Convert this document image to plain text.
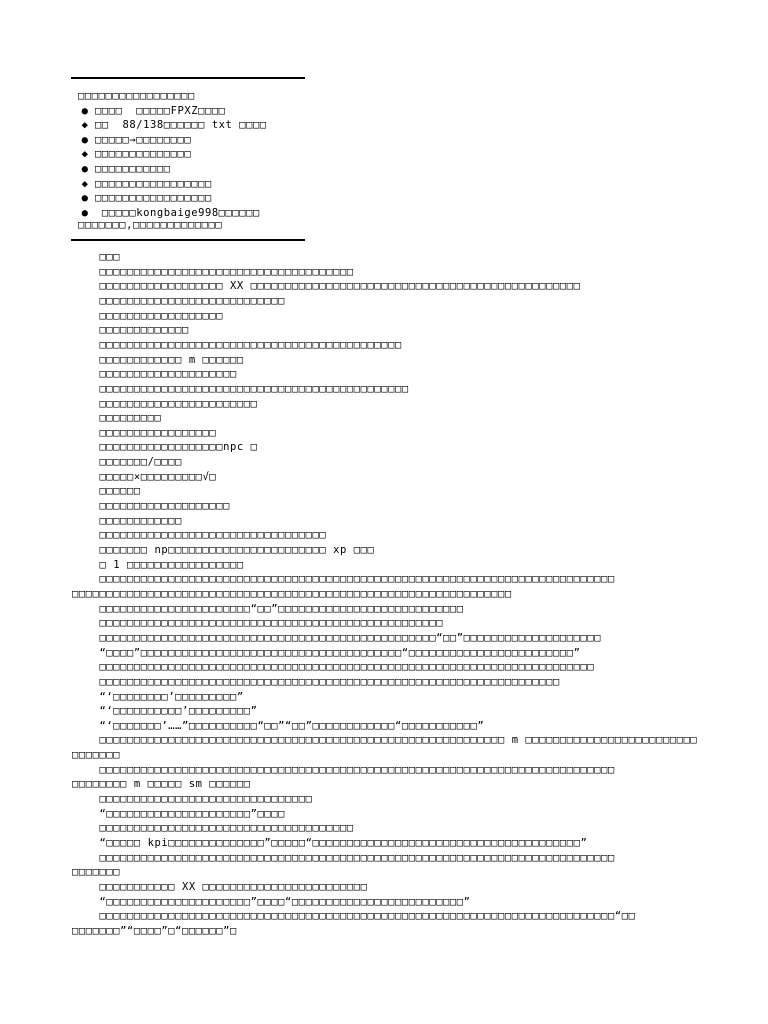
□□□□□□□□□□□□□□□□□
● □□□□  □□□□□FPXZ□□□□
◆ □□  88/138□□□□□□ txt □□□□
● □□□□□→□□□□□□□□
◆ □□□□□□□□□□□□□□
● □□□□□□□□□□□
◆ □□□□□□□□□□□□□□□□□
● □□□□□□□□□□□□□□□□□
● □□□□□kongbaige998□□□□□□
□□□□□□□,□□□□□□□□□□□□□
□□□
□□□□□□□□□□□□□□□□□□□□□□□□□□□□□□□□□□□□□
□□□□□□□□□□□□□□□□□□ XX □□□□□□□□□□□□□□□□□□□□□□□□□□□□□□□□□□□□□□□□□□□□□□□□
□□□□□□□□□□□□□□□□□□□□□□□□□□□
□□□□□□□□□□□□□□□□□□
□□□□□□□□□□□□□
□□□□□□□□□□□□□□□□□□□□□□□□□□□□□□□□□□□□□□□□□□□□
□□□□□□□□□□□□ m □□□□□□
□□□□□□□□□□□□□□□□□□□□
□□□□□□□□□□□□□□□□□□□□□□□□□□□□□□□□□□□□□□□□□□□□□
□□□□□□□□□□□□□□□□□□□□□□□
□□□□□□□□□
□□□□□□□□□□□□□□□□□
□□□□□□□□□□□□□□□□□□npc □
□□□□□□□/□□□□
□□□□□×□□□□□□□□□√□
□□□□□□
□□□□□□□□□□□□□□□□□□□
□□□□□□□□□□□□
□□□□□□□□□□□□□□□□□□□□□□□□□□□□□□□□□
□□□□□□□ np□□□□□□□□□□□□□□□□□□□□□□□ xp □□□
□ 1 □□□□□□□□□□□□□□□□□
□□□□□□□□□□□□□□□□□□□□□□□□□□□□□□□□□□□□□□□□□□□□□□□□□□□□□□□□□□□□□□□□□□□□□□□□□□□
□□□□□□□□□□□□□□□□□□□□□□□□□□□□□□□□□□□□□□□□□□□□□□□□□□□□□□□□□□□□□□□□
□□□□□□□□□□□□□□□□□□□□□□“□□”□□□□□□□□□□□□□□□□□□□□□□□□□□□
□□□□□□□□□□□□□□□□□□□□□□□□□□□□□□□□□□□□□□□□□□□□□□□□□□
□□□□□□□□□□□□□□□□□□□□□□□□□□□□□□□□□□□□□□□□□□□□□□□□□“□□”□□□□□□□□□□□□□□□□□□□□
“□□□□”□□□□□□□□□□□□□□□□□□□□□□□□□□□□□□□□□□□□□□“□□□□□□□□□□□□□□□□□□□□□□□□”
□□□□□□□□□□□□□□□□□□□□□□□□□□□□□□□□□□□□□□□□□□□□□□□□□□□□□□□□□□□□□□□□□□□□□□□□
□□□□□□□□□□□□□□□□□□□□□□□□□□□□□□□□□□□□□□□□□□□□□□□□□□□□□□□□□□□□□□□□□□□
“‘□□□□□□□□’□□□□□□□□□”
“‘□□□□□□□□□□’□□□□□□□□□”
“‘□□□□□□□’……”□□□□□□□□□□“□□”“□□”□□□□□□□□□□□□“□□□□□□□□□□□”
□□□□□□□□□□□□□□□□□□□□□□□□□□□□□□□□□□□□□□□□□□□□□□□□□□□□□□□□□□□ m □□□□□□□□□□□□□□□□□□□□□□□□□
□□□□□□□
□□□□□□□□□□□□□□□□□□□□□□□□□□□□□□□□□□□□□□□□□□□□□□□□□□□□□□□□□□□□□□□□□□□□□□□□□□□
□□□□□□□□ m □□□□□ sm □□□□□□
□□□□□□□□□□□□□□□□□□□□□□□□□□□□□□□
“□□□□□□□□□□□□□□□□□□□□□”□□□□
□□□□□□□□□□□□□□□□□□□□□□□□□□□□□□□□□□□□□
“□□□□□ kpi□□□□□□□□□□□□□□”□□□□□“□□□□□□□□□□□□□□□□□□□□□□□□□□□□□□□□□□□□□□□”
□□□□□□□□□□□□□□□□□□□□□□□□□□□□□□□□□□□□□□□□□□□□□□□□□□□□□□□□□□□□□□□□□□□□□□□□□□□
□□□□□□□
□□□□□□□□□□□ XX □□□□□□□□□□□□□□□□□□□□□□□□
“□□□□□□□□□□□□□□□□□□□□□”□□□□“□□□□□□□□□□□□□□□□□□□□□□□□□”
□□□□□□□□□□□□□□□□□□□□□□□□□□□□□□□□□□□□□□□□□□□□□□□□□□□□□□□□□□□□□□□□□□□□□□□□□□□“□□
□□□□□□□”“□□□□”□“□□□□□□”□
